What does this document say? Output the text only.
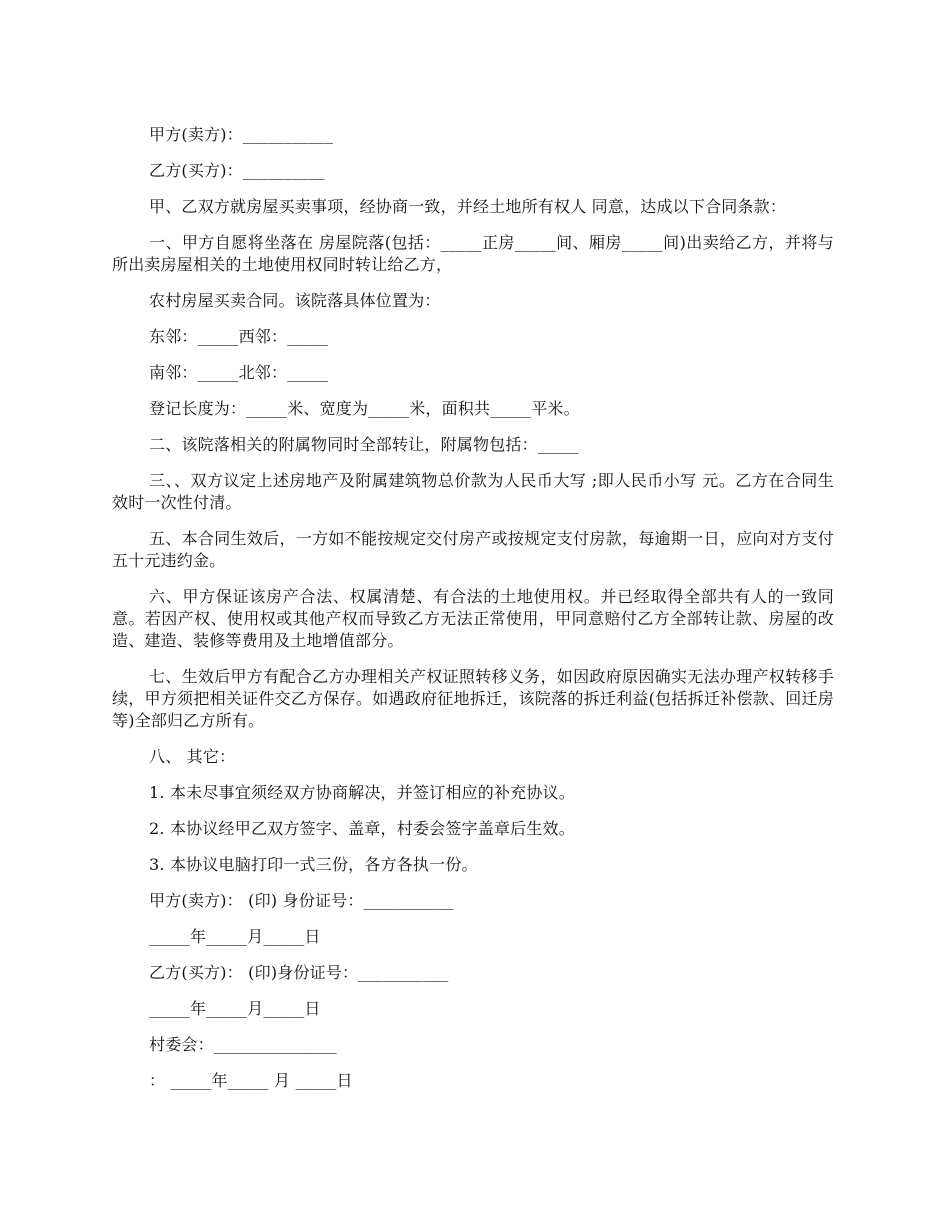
甲方(卖方)：___________

乙方(买方)：__________

甲、乙双方就房屋买卖事项，经协商一致，并经土地所有权人 同意，达成以下合同条款：

一、甲方自愿将坐落在 房屋院落(包括：_____正房_____间、厢房_____间)出卖给乙方，并将与所出卖房屋相关的土地使用权同时转让给乙方，

农村房屋买卖合同。该院落具体位置为：

东邻：_____西邻：_____

南邻：_____北邻：_____

登记长度为：_____米、宽度为_____米，面积共_____平米。

二、该院落相关的附属物同时全部转让，附属物包括：_____

三、、双方议定上述房地产及附属建筑物总价款为人民币大写 ;即人民币小写 元。乙方在合同生效时一次性付清。

五、本合同生效后，一方如不能按规定交付房产或按规定支付房款，每逾期一日，应向对方支付五十元违约金。

六、甲方保证该房产合法、权属清楚、有合法的土地使用权。并已经取得全部共有人的一致同意。若因产权、使用权或其他产权而导致乙方无法正常使用，甲同意赔付乙方全部转让款、房屋的改造、建造、装修等费用及土地增值部分。

七、生效后甲方有配合乙方办理相关产权证照转移义务，如因政府原因确实无法办理产权转移手续，甲方须把相关证件交乙方保存。如遇政府征地拆迁，该院落的拆迁利益(包括拆迁补偿款、回迁房等)全部归乙方所有。

八、 其它：

1. 本未尽事宜须经双方协商解决，并签订相应的补充协议。

2. 本协议经甲乙双方签字、盖章，村委会签字盖章后生效。

3. 本协议电脑打印一式三份，各方各执一份。

甲方(卖方)： (印) 身份证号：___________

_____年_____月_____日

乙方(买方)： (印)身份证号：___________

_____年_____月_____日

村委会：_______________

： _____年_____ 月 _____日
